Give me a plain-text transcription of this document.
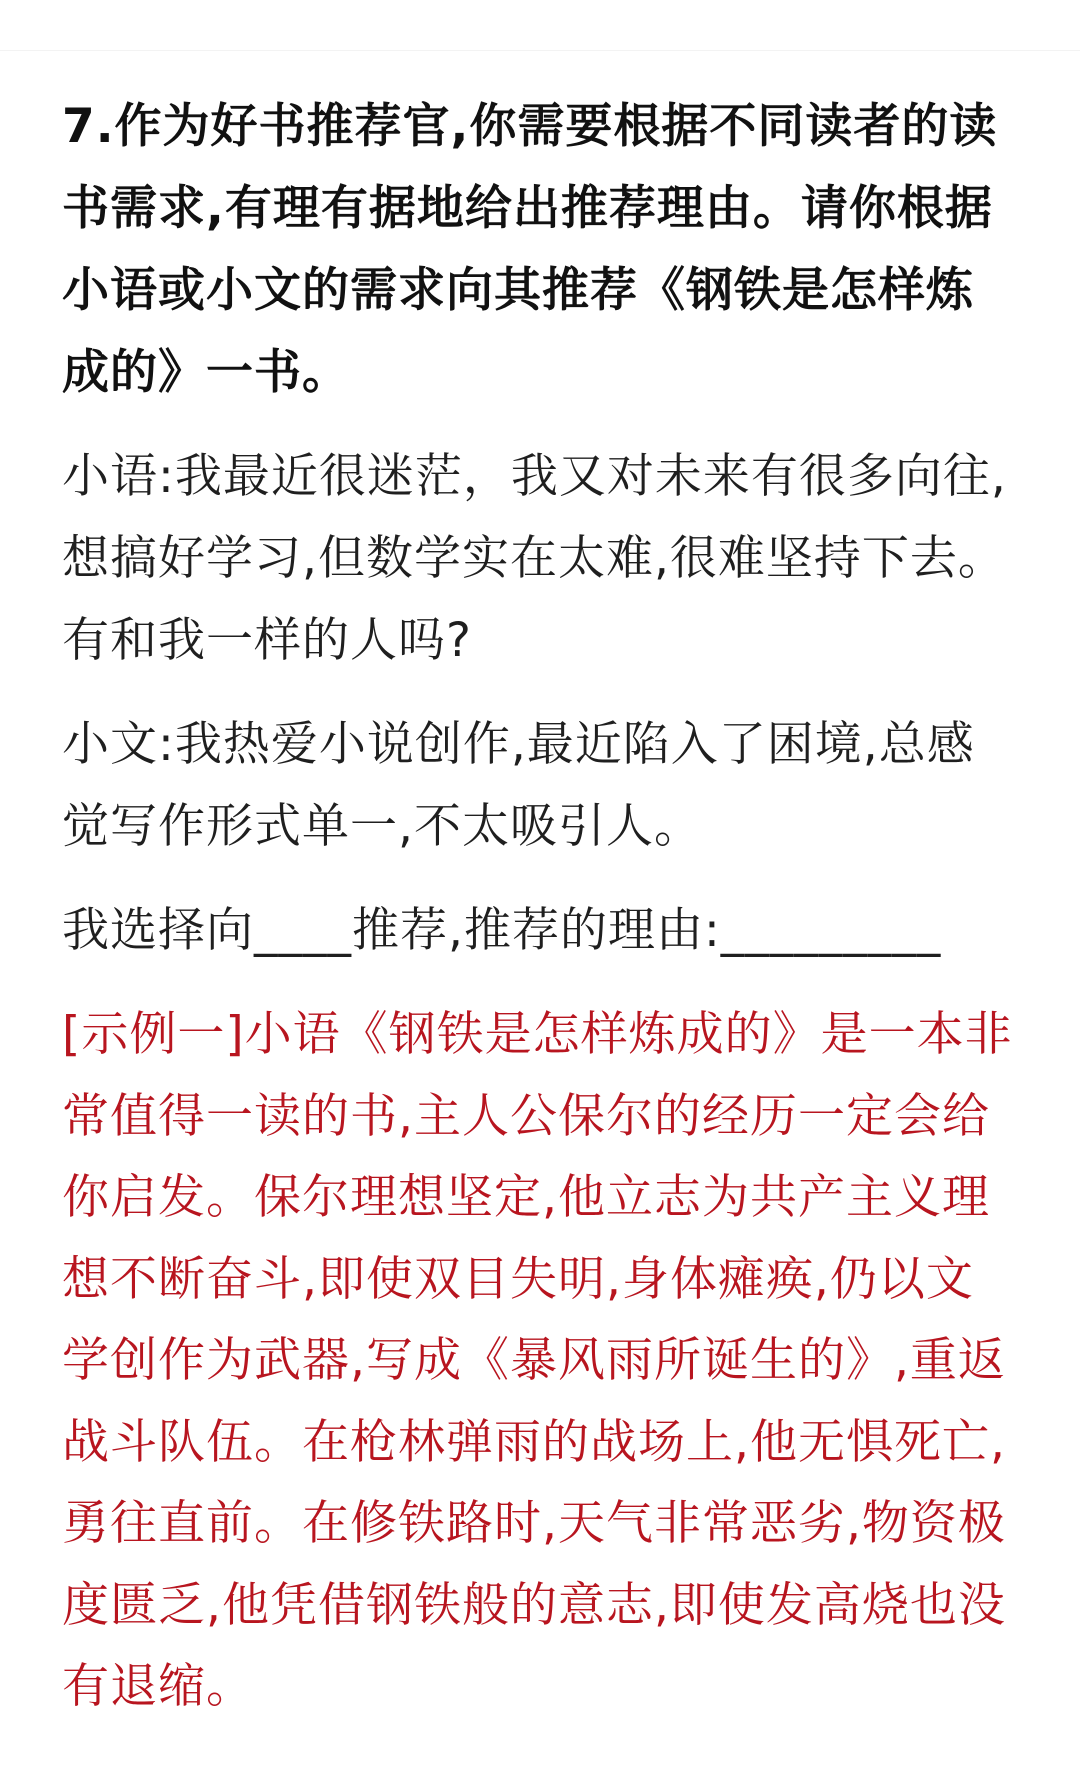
7.作为好书推荐官,你需要根据不同读者的读书需求,有理有据地给出推荐理由。请你根据小语或小文的需求向其推荐《钢铁是怎样炼成的》一书。

小语:我最近很迷茫，我又对未来有很多向往,想搞好学习,但数学实在太难,很难坚持下去。有和我一样的人吗?

小文:我热爱小说创作,最近陷入了困境,总感觉写作形式单一,不太吸引人。

我选择向____推荐,推荐的理由:_________

[示例一]小语《钢铁是怎样炼成的》是一本非常值得一读的书,主人公保尔的经历一定会给你启发。保尔理想坚定,他立志为共产主义理想不断奋斗,即使双目失明,身体瘫痪,仍以文学创作为武器,写成《暴风雨所诞生的》,重返战斗队伍。在枪林弹雨的战场上,他无惧死亡,勇往直前。在修铁路时,天气非常恶劣,物资极度匮乏,他凭借钢铁般的意志,即使发高烧也没有退缩。
